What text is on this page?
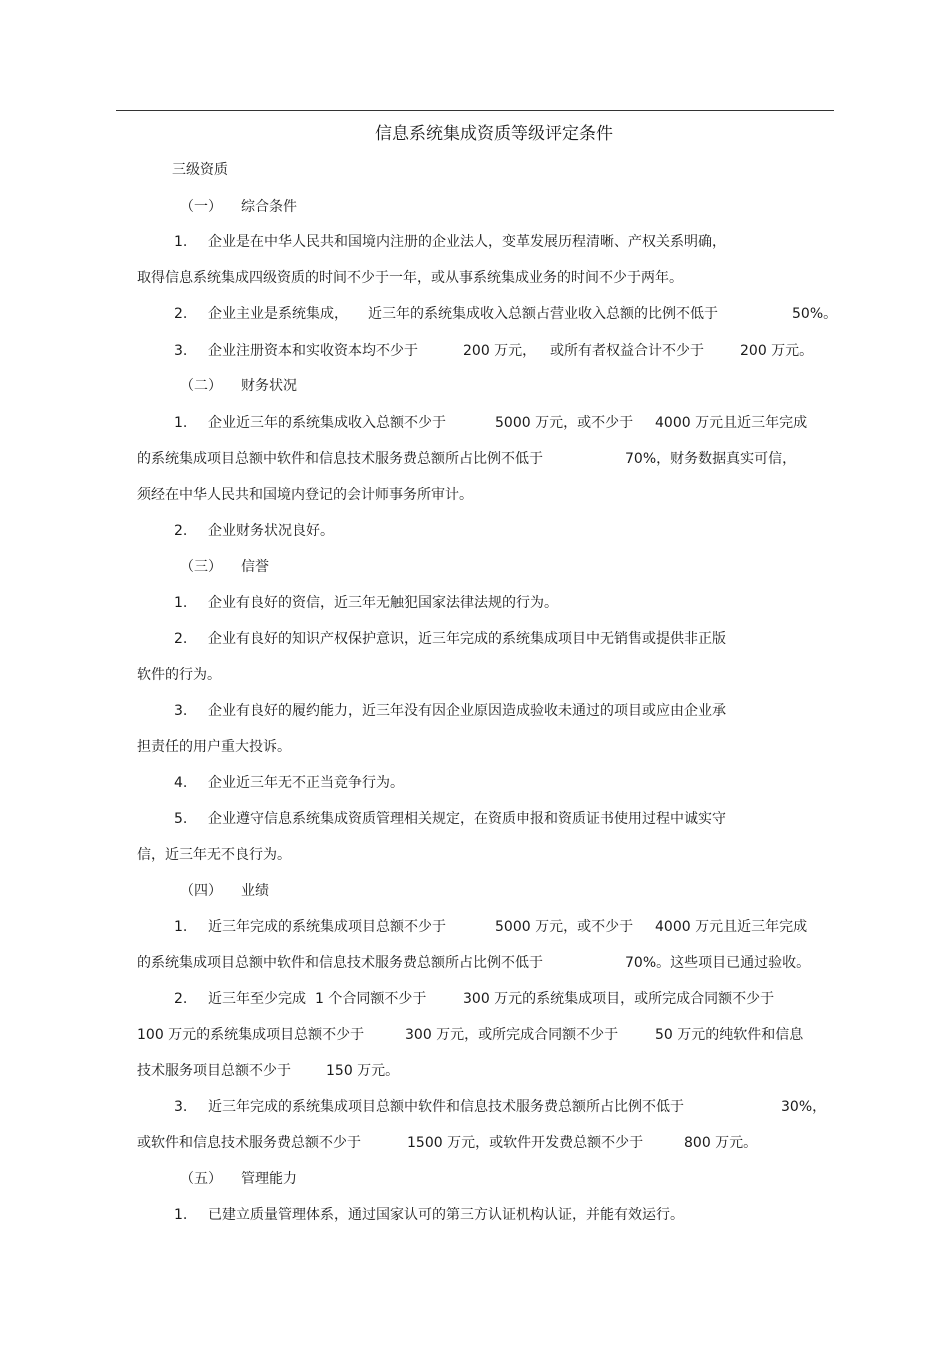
信息系统集成资质等级评定条件
三级资质
（一） 综合条件
1. 企业是在中华人民共和国境内注册的企业法人，变革发展历程清晰、产权关系明确，
取得信息系统集成四级资质的时间不少于一年，或从事系统集成业务的时间不少于两年。
2. 企业主业是系统集成， 近三年的系统集成收入总额占营业收入总额的比例不低于	50%。
3. 企业注册资本和实收资本均不少于	200 万元， 或所有者权益合计不少于	200 万元。
（二） 财务状况
1. 企业近三年的系统集成收入总额不少于	5000 万元，或不少于 4000 万元且近三年完成
的系统集成项目总额中软件和信息技术服务费总额所占比例不低于	70%，财务数据真实可信，
须经在中华人民共和国境内登记的会计师事务所审计。
2. 企业财务状况良好。
（三） 信誉
1. 企业有良好的资信，近三年无触犯国家法律法规的行为。
2. 企业有良好的知识产权保护意识，近三年完成的系统集成项目中无销售或提供非正版
软件的行为。
3. 企业有良好的履约能力，近三年没有因企业原因造成验收未通过的项目或应由企业承
担责任的用户重大投诉。
4. 企业近三年无不正当竞争行为。
5. 企业遵守信息系统集成资质管理相关规定，在资质申报和资质证书使用过程中诚实守
信，近三年无不良行为。
（四） 业绩
1. 近三年完成的系统集成项目总额不少于	5000 万元，或不少于 4000 万元且近三年完成
的系统集成项目总额中软件和信息技术服务费总额所占比例不低于	70%。这些项目已通过验收。
2. 近三年至少完成 1 个合同额不少于	300 万元的系统集成项目，或所完成合同额不少于
100 万元的系统集成项目总额不少于	300 万元，或所完成合同额不少于	50 万元的纯软件和信息
技术服务项目总额不少于	150 万元。
3. 近三年完成的系统集成项目总额中软件和信息技术服务费总额所占比例不低于	30%，
或软件和信息技术服务费总额不少于	1500 万元，或软件开发费总额不少于	800 万元。
（五） 管理能力
1. 已建立质量管理体系，通过国家认可的第三方认证机构认证，并能有效运行。
